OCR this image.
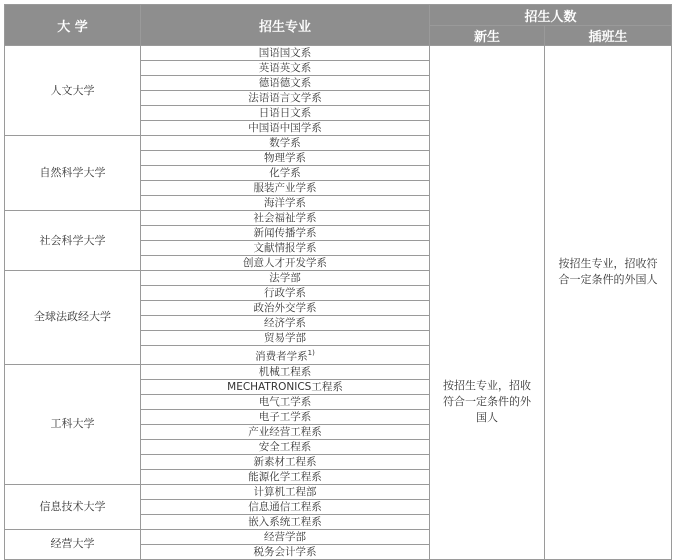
大 学	招生专业	招生人数	
		新生	插班生
人文大学	国语国文系	按招生专业，招收符合一定条件的外国人	按招生专业，招收符合一定条件的外国人
	英语英文系		
	德语德文系		
	法语语言文学系		
	日语日文系		
	中国语中国学系		
自然科学大学	数学系		
	物理学系		
	化学系		
	服装产业学系		
	海洋学系		
社会科学大学	社会福祉学系		
	新闻传播学系		
	文献情报学系		
	创意人才开发学系		
全球法政经大学	法学部		
	行政学系		
	政治外交学系		
	经济学系		
	贸易学部		
	消费者学系$^{1)}$
工科大学	机械工程系		
	MECHATRONICS工程系		
	电气工学系		
	电子工学系		
	产业经营工程系		
	安全工程系		
	新素材工程系		
	能源化学工程系		
信息技术大学	计算机工程部		
	信息通信工程系		
	嵌入系统工程系		
经营大学	经营学部		
	税务会计学系		
